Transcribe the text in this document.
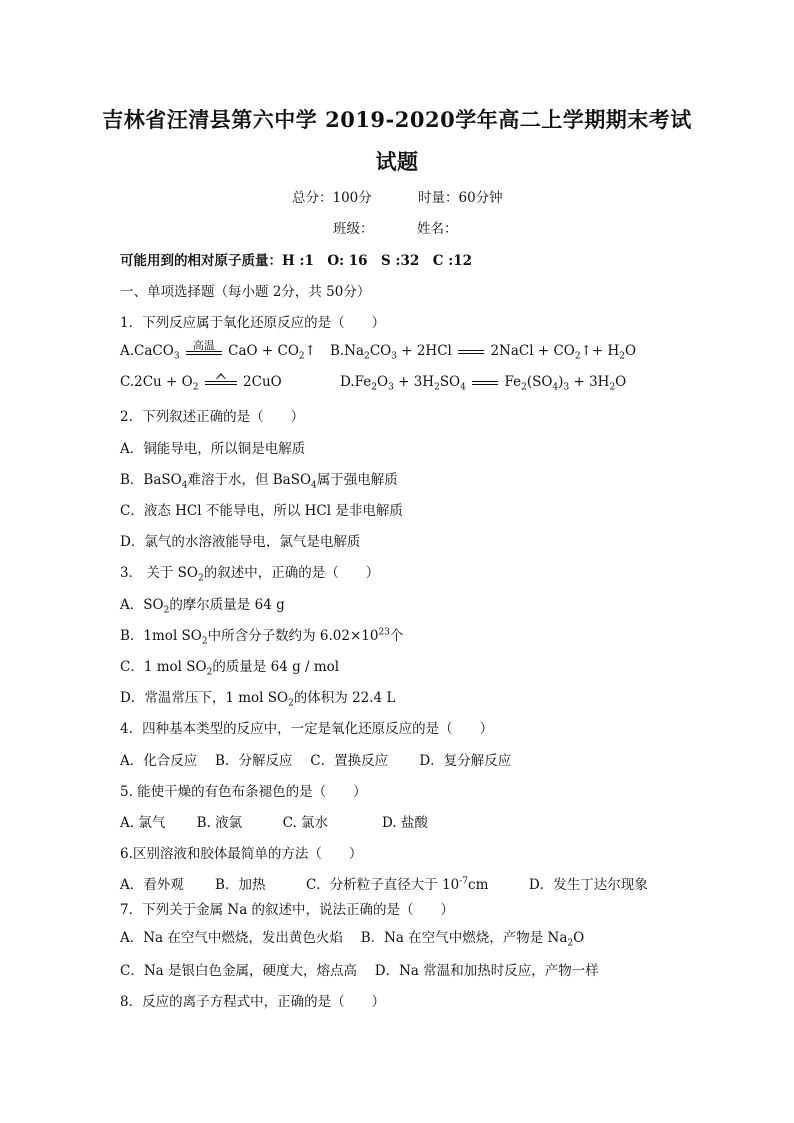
吉林省汪清县第六中学 2019-2020学年高二上学期期末考试
试题
总分：100分	时量：60分钟
班级：	姓名：
可能用到的相对原子质量：H :1　O: 16　S :32　C :12
一、单项选择题（每小题 2分，共 50分）
1．下列反应属于氧化还原反应的是（　　）
A.CaCO$_3$
高温 CaO + $CO_2↑$ $B.Na_2CO_3 + 2HCl$	2NaCl + $CO_2↑+ H_2O$
$C.2Cu + O_2$	2CuO	$D.Fe_2O_3 + 3H_2SO_4$	$Fe_2(SO_4)_3 + 3H_2O$
2．下列叙述正确的是（　　）
A．铜能导电，所以铜是电解质
B．BaSO$_4$难溶于水，但 BaSO$_4$属于强电解质
C．液态 HCl 不能导电，所以 HCl 是非电解质
D．氯气的水溶液能导电，氯气是电解质
3． 关于 $SO_2$的叙述中，正确的是（　　）
A．$SO_2$的摩尔质量是 64 g
B．1mol $SO_2$中所含分子数约为 $6.02\times 10^{23}$个
C．1 mol $SO_2$的质量是 64 g / mol
D．常温常压下，1 mol $SO_2$的体积为 22.4 L
4．四种基本类型的反应中，一定是氧化还原反应的是（　　）
A．化合反应　 B．分解反应　 C．置换反应　　 D．复分解反应
5. 能使干燥的有色布条褪色的是（　　）
A. 氯气　　 B. 液氯　　　C. 氯水　　　　D. 盐酸
6.区别溶液和胶体最简单的方法（　　）
A．看外观　　 B．加热　　　C．分析粒子直径大于 $10^{-7}cm$　　　D．发生丁达尔现象
7．下列关于金属 Na 的叙述中，说法正确的是（　　）
A．Na 在空气中燃烧，发出黄色火焰　 B．Na 在空气中燃烧，产物是 $Na_2O$
C．Na 是银白色金属，硬度大，熔点高　 D．Na 常温和加热时反应，产物一样
8．反应的离子方程式中，正确的是（　　）
